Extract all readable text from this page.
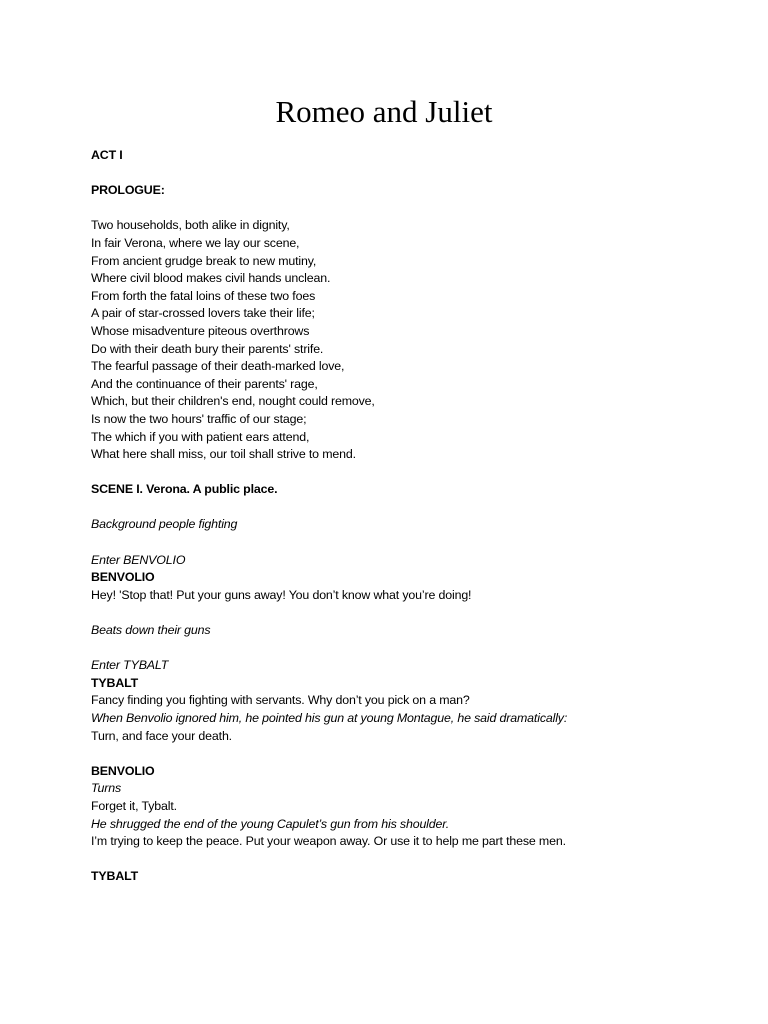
Romeo and Juliet
ACT I
PROLOGUE:
Two households, both alike in dignity,
In fair Verona, where we lay our scene,
From ancient grudge break to new mutiny,
Where civil blood makes civil hands unclean.
From forth the fatal loins of these two foes
A pair of star-crossed lovers take their life;
Whose misadventure piteous overthrows
Do with their death bury their parents' strife.
The fearful passage of their death-marked love,
And the continuance of their parents' rage,
Which, but their children's end, nought could remove,
Is now the two hours' traffic of our stage;
The which if you with patient ears attend,
What here shall miss, our toil shall strive to mend.
SCENE I. Verona. A public place.
Background people fighting
Enter BENVOLIO
BENVOLIO
Hey! 'Stop that! Put your guns away! You don’t know what you’re doing!
Beats down their guns
Enter TYBALT
TYBALT
Fancy finding you fighting with servants. Why don’t you pick on a man?
When Benvolio ignored him, he pointed his gun at young Montague, he said dramatically:
Turn, and face your death.
BENVOLIO
Turns
Forget it, Tybalt.
He shrugged the end of the young Capulet’s gun from his shoulder.
I’m trying to keep the peace. Put your weapon away. Or use it to help me part these men.
TYBALT
